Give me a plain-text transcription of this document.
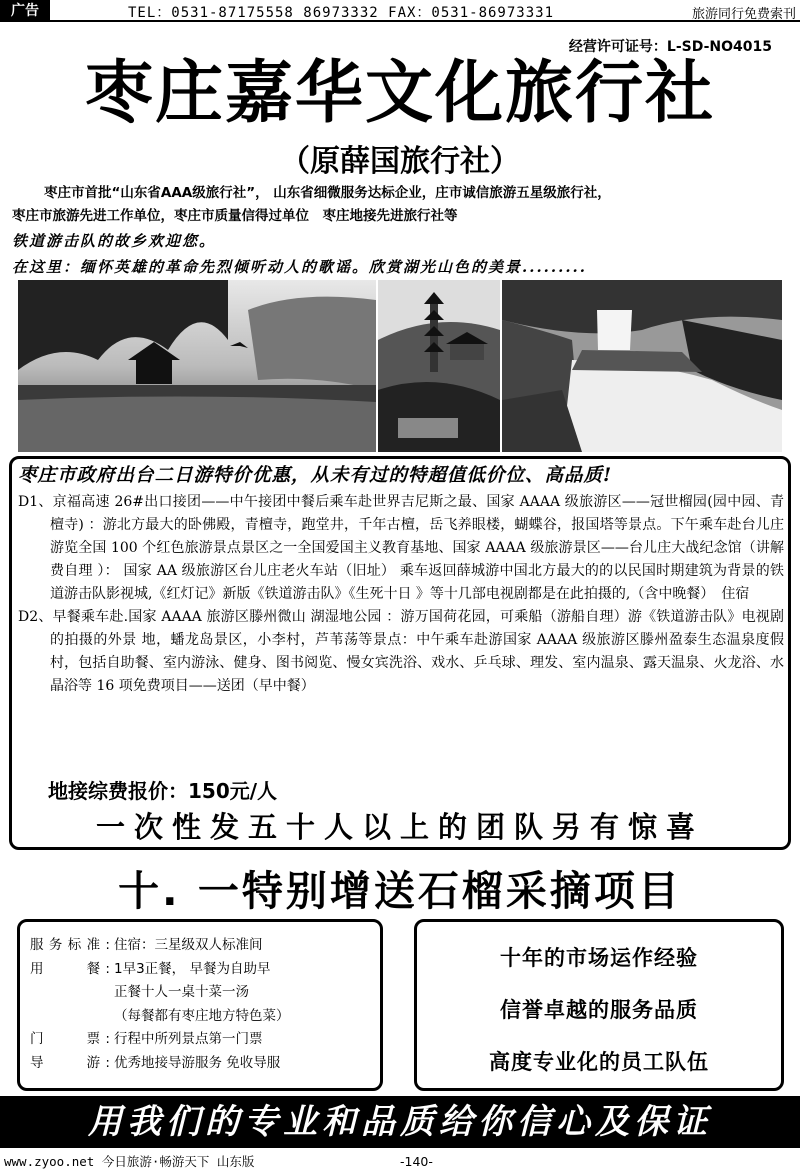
广告	TEL：0531-87175558 86973332 FAX：0531-86973331	旅游同行免费索刊
经营许可证号：L-SD-NO4015
枣庄嘉华文化旅行社
（原薛国旅行社）

枣庄市首批“山东省AAA级旅行社”， 山东省细微服务达标企业，庄市诚信旅游五星级旅行社，

枣庄市旅游先进工作单位，枣庄市质量信得过单位　枣庄地接先进旅行社等

铁道游击队的故乡欢迎您。
在这里：缅怀英雄的革命先烈倾听动人的歌谣。欣赏湖光山色的美景.........
枣庄市政府出台二日游特价优惠，从未有过的特超值低价位、高品质!

D1、京福高速 26#出口接团——中午接团中餐后乘车赴世界吉尼斯之最、国家 AAAA 级旅游区——冠世榴园(园中园、青檀寺) ：游北方最大的卧佛殿，青檀寺，跑堂井，千年古檀，岳飞养眼楼，蝴蝶谷，报国塔等景点。下午乘车赴台儿庄游览全国 100 个红色旅游景点景区之一全国爱国主义教育基地、国家 AAAA 级旅游景区——台儿庄大战纪念馆（讲解费自理 ）： 国家 AA 级旅游区台儿庄老火车站（旧址） 乘车返回薛城游中国北方最大的的以民国时期建筑为背景的铁道游击队影视城,《红灯记》新版《铁道游击队》《生死十日 》等十几部电视剧都是在此拍摄的,（含中晚餐）　住宿

D2、早餐乘车赴.国家 AAAA 旅游区滕州微山 湖湿地公园 ：游万国荷花园，可乘船（游船自理）游《铁道游击队》电视剧的拍摄的外景 地，蟠龙岛景区，小李村，芦苇荡等景点：中午乘车赴游国家 AAAA 级旅游区滕州盈泰生态温泉度假村，包括自助餐、室内游泳、健身、图书阅览、慢女宾洗浴、戏水、乒乓球、理发、室内温泉、露天温泉、火龙浴、水晶浴等 16 项免费项目——送团（早中餐）

地接综费报价：150元/人
一次性发五十人以上的团队另有惊喜
十. 一特别增送石榴采摘项目
服务标准: 住宿：三星级双人标准间
用　　餐: 1早3正餐， 早餐为自助早
正餐十人一桌十菜一汤
（每餐都有枣庄地方特色菜）
门　　票: 行程中所列景点第一门票
导　　游: 优秀地接导游服务 免收导服
十年的市场运作经验
信誉卓越的服务品质
高度专业化的员工队伍
用我们的专业和品质给你信心及保证
www.zyoo.net 今日旅游·畅游天下 山东版	-140-
